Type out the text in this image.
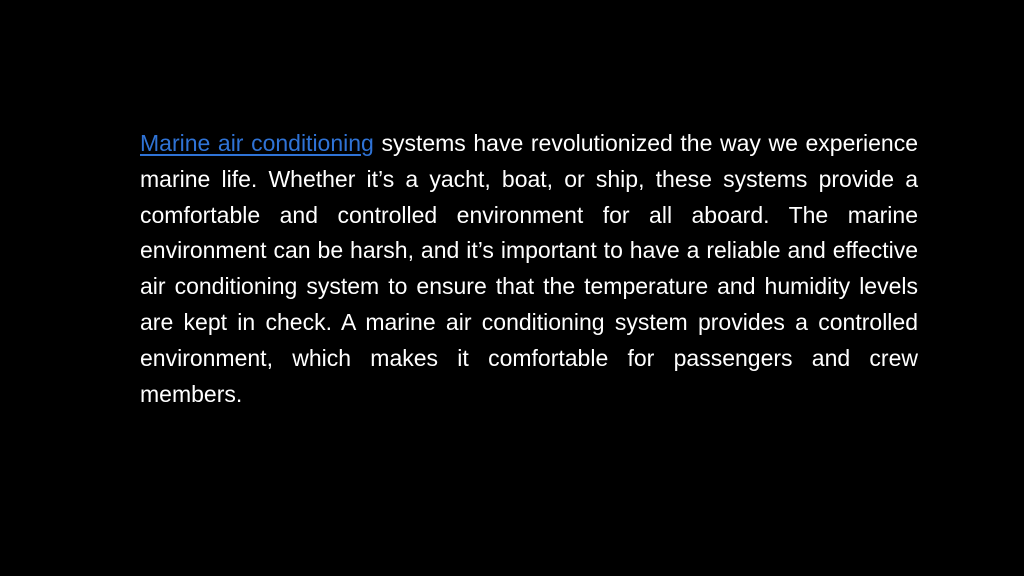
Marine air conditioning systems have revolutionized the way we experience marine life. Whether it’s a yacht, boat, or ship, these systems provide a comfortable and controlled environment for all aboard. The marine environment can be harsh, and it’s important to have a reliable and effective air conditioning system to ensure that the temperature and humidity levels are kept in check. A marine air conditioning system provides a controlled environment, which makes it comfortable for passengers and crew members.
